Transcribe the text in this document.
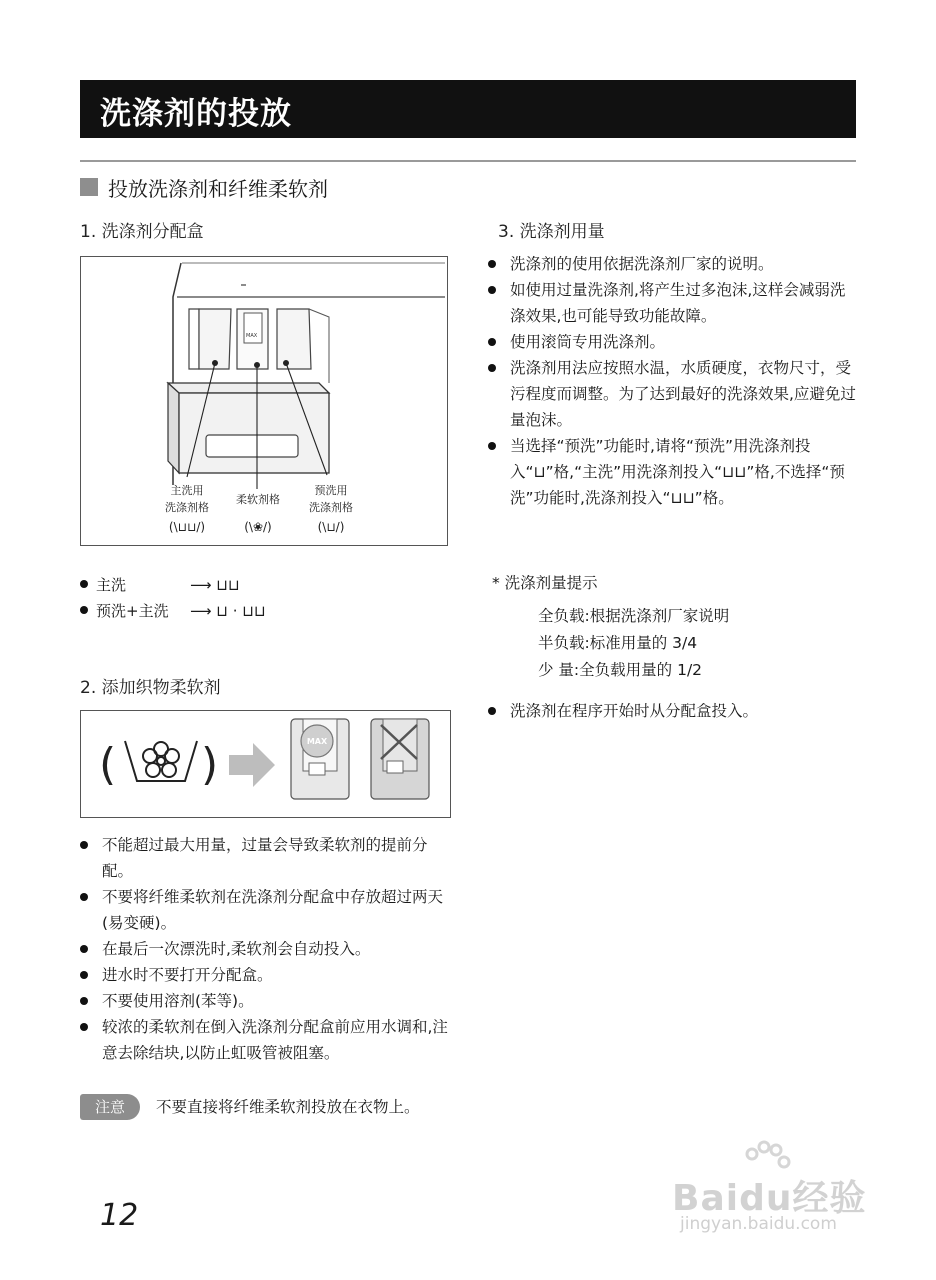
洗涤剂的投放
投放洗涤剂和纤维柔软剂
1. 洗涤剂分配盒
MAX
主洗用
洗涤剂格
(\⊔⊔/)
柔软剂格
(\❀/)
预洗用
洗涤剂格
(\⊔/)
主洗	⟶ ⊔⊔
预洗+主洗 ⟶ ⊔ · ⊔⊔
2. 添加织物柔软剂
( )	MAX
不能超过最大用量，过量会导致柔软剂的提前分配。
不要将纤维柔软剂在洗涤剂分配盒中存放超过两天(易变硬)。
在最后一次漂洗时,柔软剂会自动投入。
进水时不要打开分配盒。
不要使用溶剂(苯等)。
较浓的柔软剂在倒入洗涤剂分配盒前应用水调和,注意去除结块,以防止虹吸管被阻塞。
注意	不要直接将纤维柔软剂投放在衣物上。
3. 洗涤剂用量
洗涤剂的使用依据洗涤剂厂家的说明。
如使用过量洗涤剂,将产生过多泡沫,这样会减弱洗涤效果,也可能导致功能故障。
使用滚筒专用洗涤剂。
洗涤剂用法应按照水温，水质硬度，衣物尺寸，受污程度而调整。为了达到最好的洗涤效果,应避免过量泡沫。
当选择“预洗”功能时,请将“预洗”用洗涤剂投入“⊔”格,“主洗”用洗涤剂投入“⊔⊔”格,不选择“预洗”功能时,洗涤剂投入“⊔⊔”格。
* 洗涤剂量提示
全负载:根据洗涤剂厂家说明
半负载:标准用量的 3/4
少 量:全负载用量的 1/2
洗涤剂在程序开始时从分配盒投入。
12	Baidu经验
jingyan.baidu.com
